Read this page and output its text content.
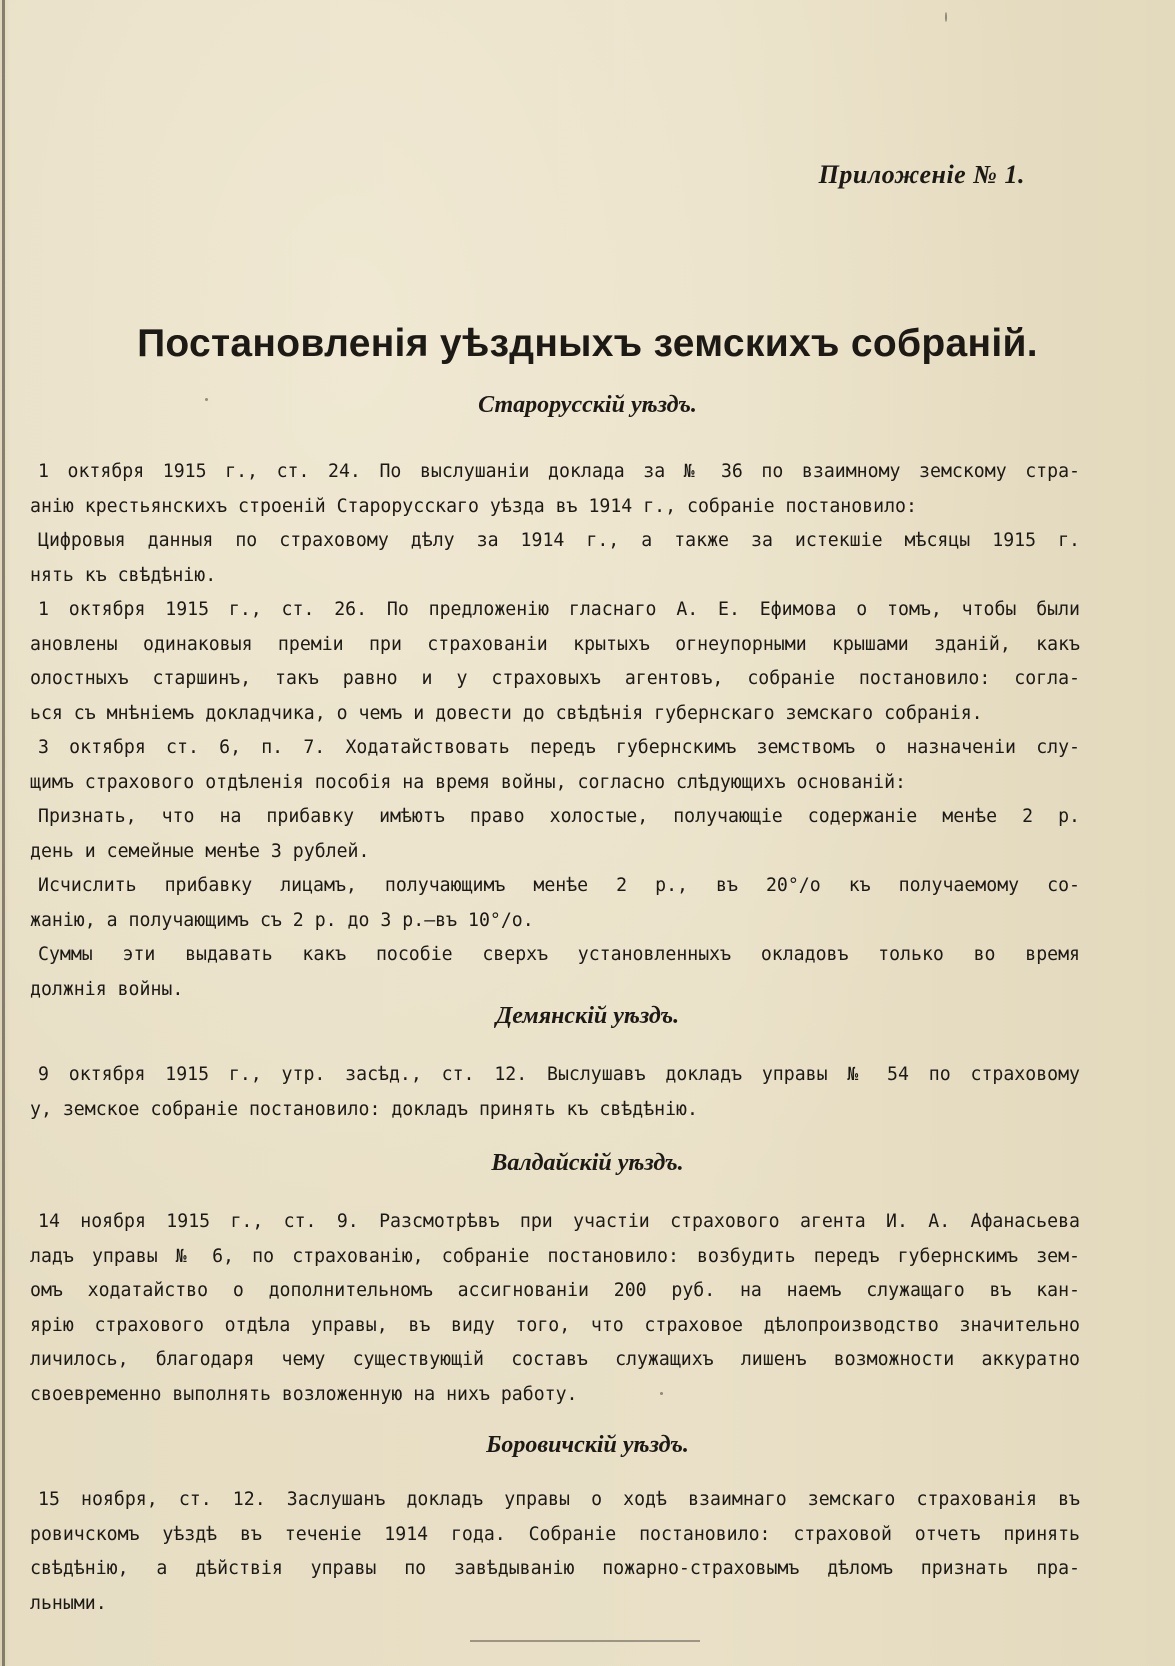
Приложеніе № 1.
Постановленія уѣздныхъ земскихъ собраній.
Старорусскій уѣздъ.

1 октября 1915 г., ст. 24. По выслушаніи доклада за № 36 по взаимному земскому стра-
анію крестьянскихъ строеній Старорусскаго уѣзда въ 1914 г., собраніе постановило:

Цифровыя данныя по страховому дѣлу за 1914 г., а также за истекшіе мѣсяцы 1915 г.
нять къ свѣдѣнію.

1 октября 1915 г., ст. 26. По предложенію гласнаго А. Е. Ефимова о томъ, чтобы были
ановлены одинаковыя преміи при страхованіи крытыхъ огнеупорными крышами зданій, какъ
олостныхъ старшинъ, такъ равно и у страховыхъ агентовъ, собраніе постановило: согла-
ься съ мнѣніемъ докладчика, о чемъ и довести до свѣдѣнія губернскаго земскаго собранія.

3 октября ст. 6, п. 7. Ходатайствовать передъ губернскимъ земствомъ о назначеніи слу-
щимъ страхового отдѣленія пособія на время войны, согласно слѣдующихъ основаній:

Признать, что на прибавку имѣютъ право холостые, получающіе содержаніе менѣе 2 р.
день и семейные менѣе 3 рублей.

Исчислить прибавку лицамъ, получающимъ менѣе 2 р., въ 20°/o къ получаемому со-
жанію, а получающимъ съ 2 р. до 3 р.—въ 10°/o.

Суммы эти выдавать какъ пособіе сверхъ установленныхъ окладовъ только во время
должнія войны.

Демянскій уѣздъ.

9 октября 1915 г., утр. засѣд., ст. 12. Выслушавъ докладъ управы № 54 по страховому
у, земское собраніе постановило: докладъ принять къ свѣдѣнію.

Валдайскій уѣздъ.

14 ноября 1915 г., ст. 9. Разсмотрѣвъ при участіи страхового агента И. А. Афанасьева
ладъ управы № 6, по страхованію, собраніе постановило: возбудить передъ губернскимъ зем-
омъ ходатайство о дополнительномъ ассигнованіи 200 руб. на наемъ служащаго въ кан-
ярію страхового отдѣла управы, въ виду того, что страховое дѣлопроизводство значительно
личилось, благодаря чему существующій составъ служащихъ лишенъ возможности аккуратно
своевременно выполнять возложенную на нихъ работу.

Боровичскій уѣздъ.

15 ноября, ст. 12. Заслушанъ докладъ управы о ходѣ взаимнаго земскаго страхованія въ
ровичскомъ уѣздѣ въ теченіе 1914 года. Собраніе постановило: страховой отчетъ принять
свѣдѣнію, а дѣйствія управы по завѣдыванію пожарно-страховымъ дѣломъ признать пра-
льными.
